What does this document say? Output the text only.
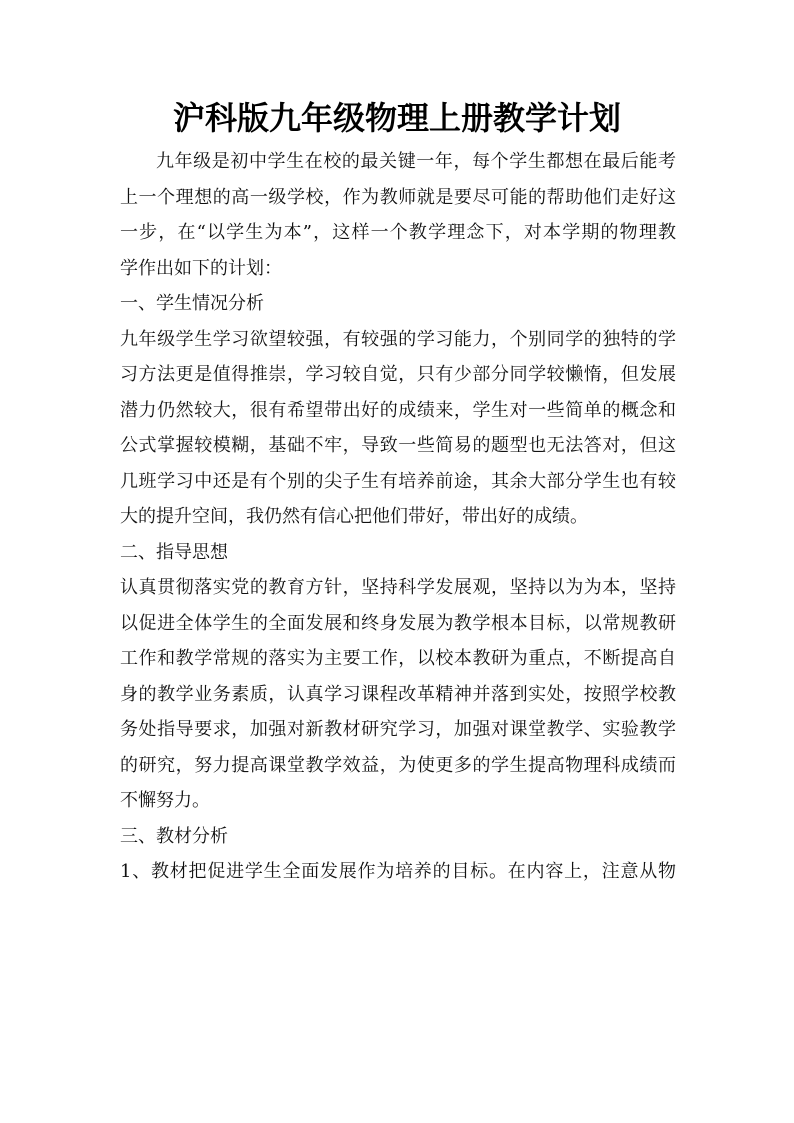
沪科版九年级物理上册教学计划
九年级是初中学生在校的最关键一年，每个学生都想在最后能考
上一个理想的高一级学校，作为教师就是要尽可能的帮助他们走好这
一步，在“以学生为本”，这样一个教学理念下，对本学期的物理教
学作出如下的计划：
一、学生情况分析
九年级学生学习欲望较强，有较强的学习能力，个别同学的独特的学
习方法更是值得推崇，学习较自觉，只有少部分同学较懒惰，但发展
潜力仍然较大，很有希望带出好的成绩来，学生对一些简单的概念和
公式掌握较模糊，基础不牢，导致一些简易的题型也无法答对，但这
几班学习中还是有个别的尖子生有培养前途，其余大部分学生也有较
大的提升空间，我仍然有信心把他们带好，带出好的成绩。
二、指导思想
认真贯彻落实党的教育方针，坚持科学发展观，坚持以为为本，坚持
以促进全体学生的全面发展和终身发展为教学根本目标，以常规教研
工作和教学常规的落实为主要工作，以校本教研为重点，不断提高自
身的教学业务素质，认真学习课程改革精神并落到实处，按照学校教
务处指导要求，加强对新教材研究学习，加强对课堂教学、实验教学
的研究，努力提高课堂教学效益，为使更多的学生提高物理科成绩而
不懈努力。
三、教材分析
1、教材把促进学生全面发展作为培养的目标。在内容上，注意从物
